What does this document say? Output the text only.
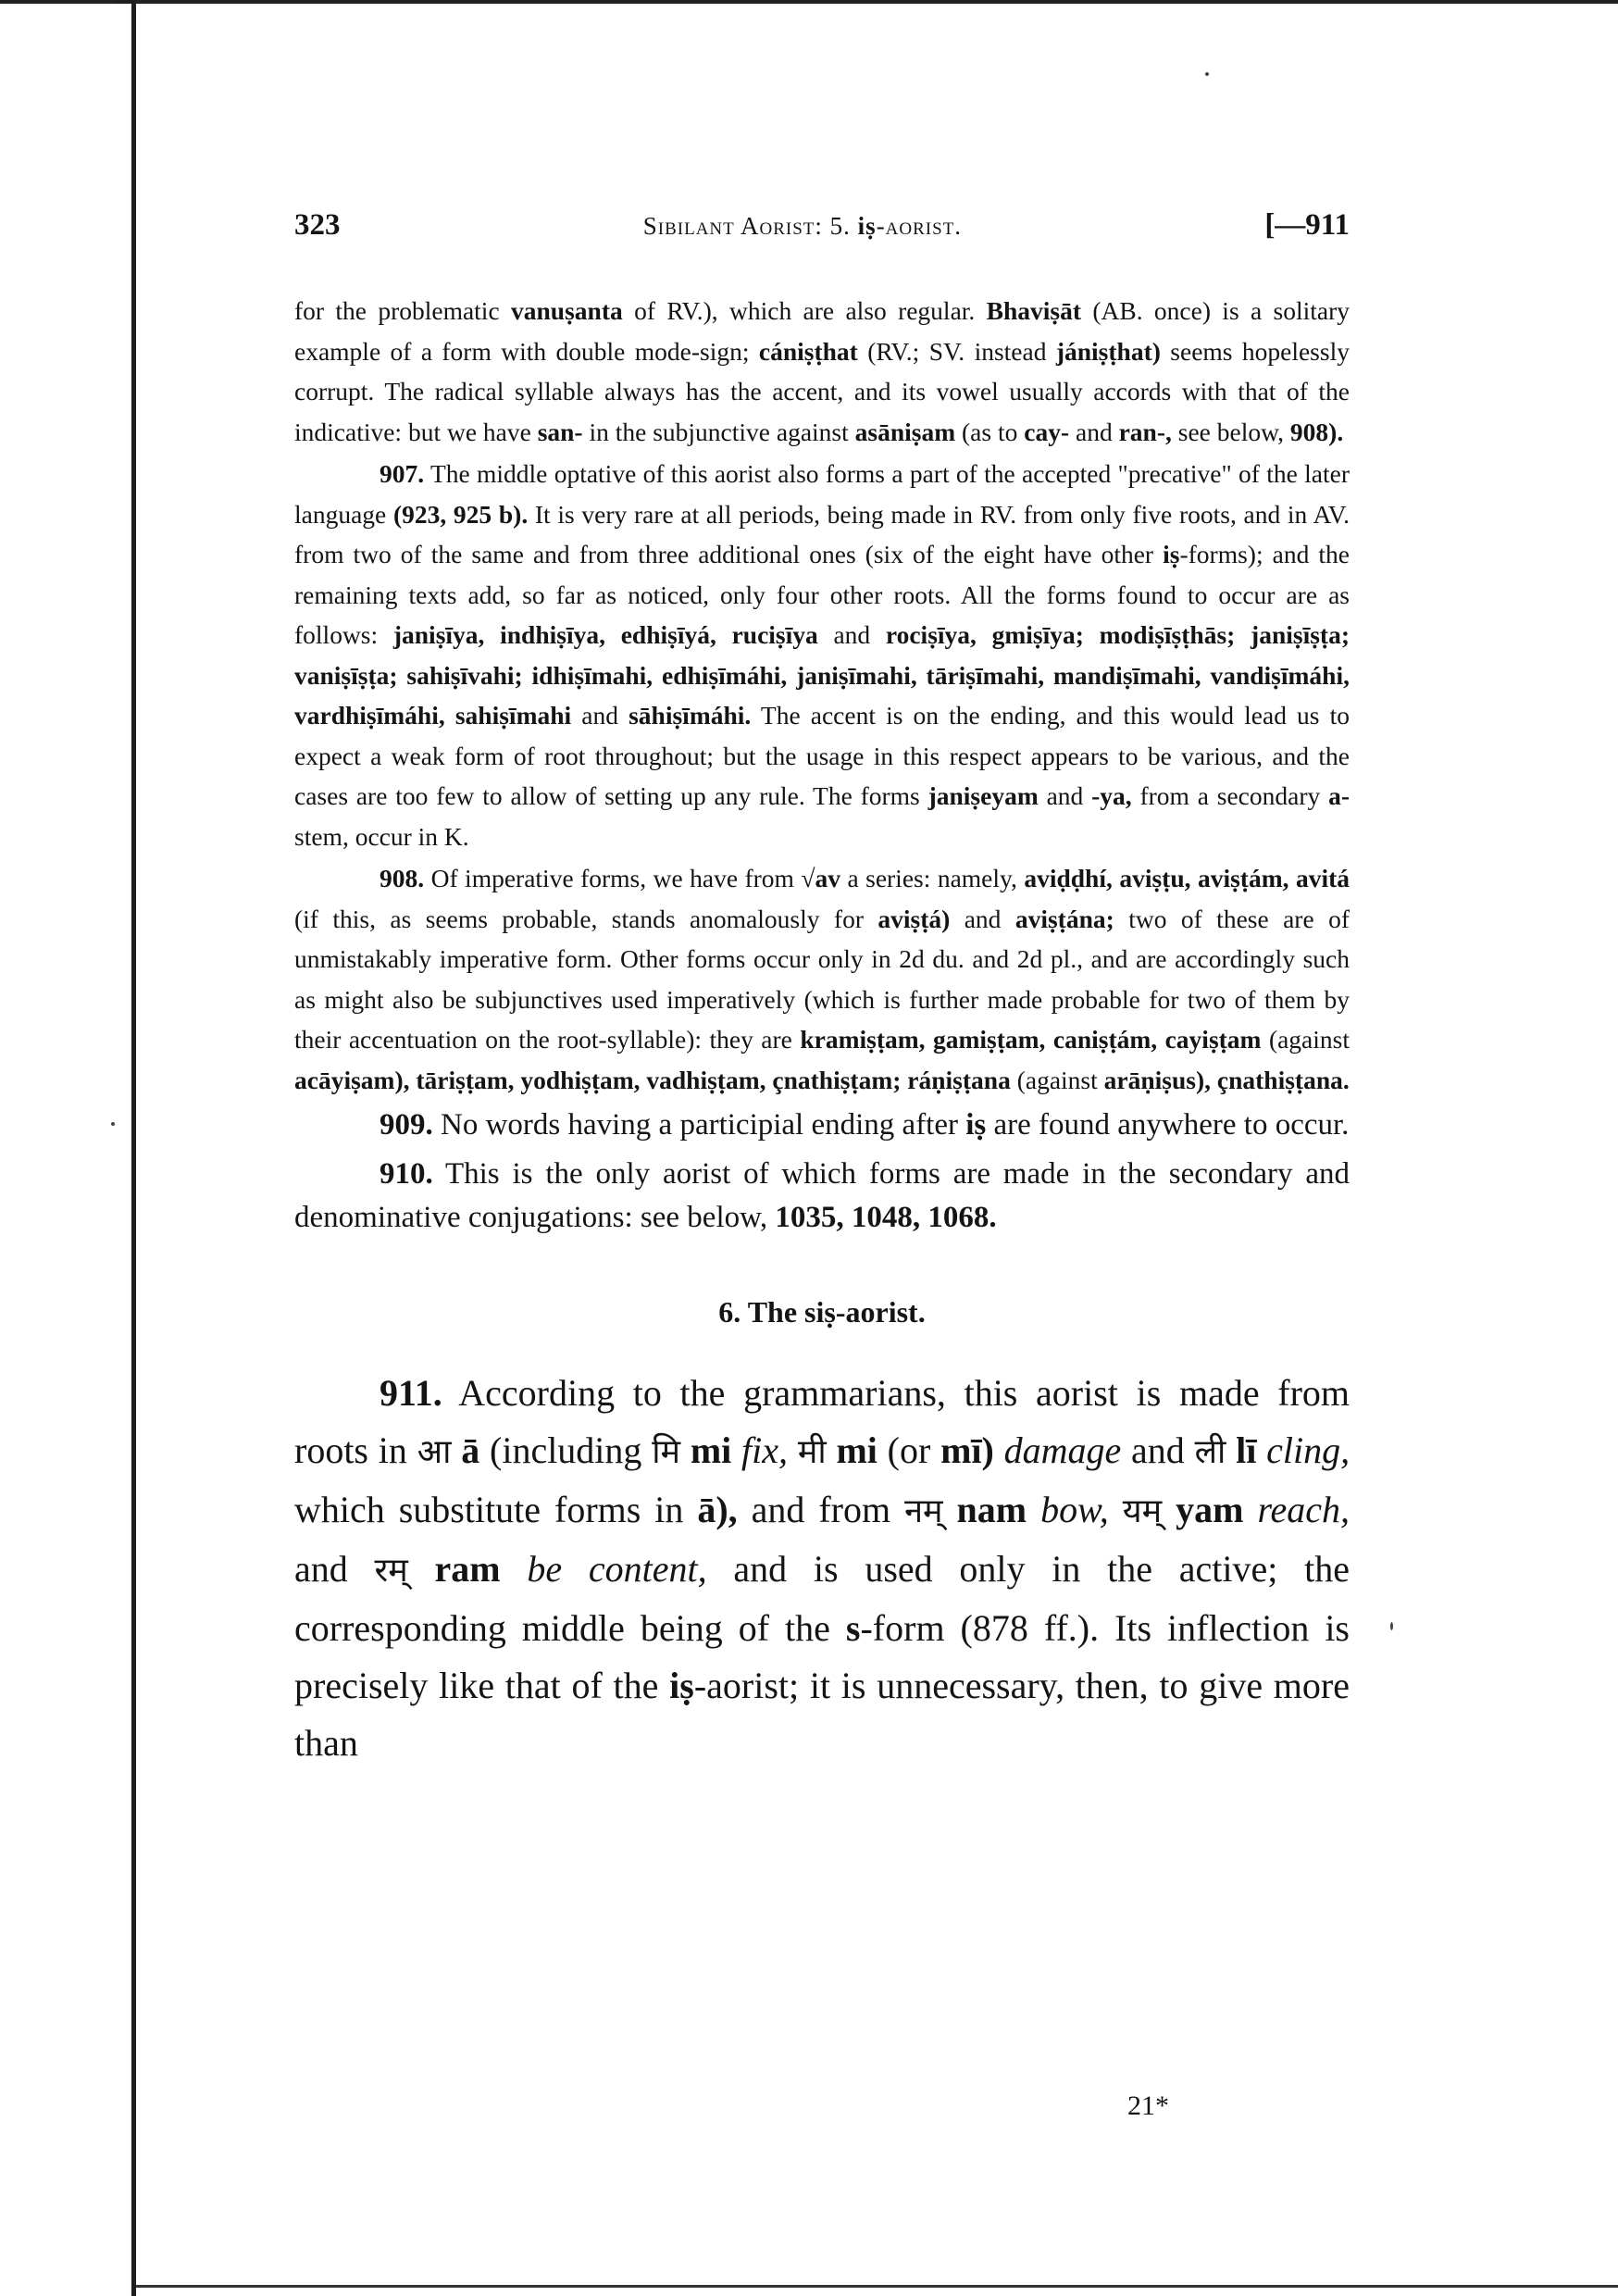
323	Sibilant Aorist: 5. iṣ-aorist.	[—911

for the problematic vanuṣanta of RV.), which are also regular. Bhaviṣāt (AB. once) is a solitary example of a form with double mode-sign; cániṣṭhat (RV.; SV. instead jániṣṭhat) seems hopelessly corrupt. The radical syllable always has the accent, and its vowel usually accords with that of the indicative: but we have san- in the subjunctive against asāniṣam (as to cay- and ran-, see below, 908).

907. The middle optative of this aorist also forms a part of the accepted "precative" of the later language (923, 925 b). It is very rare at all periods, being made in RV. from only five roots, and in AV. from two of the same and from three additional ones (six of the eight have other iṣ-forms); and the remaining texts add, so far as noticed, only four other roots. All the forms found to occur are as follows: janiṣīya, indhiṣīya, edhiṣīyá, ruciṣīya and rociṣīya, gmiṣīya; modiṣīṣṭhās; janiṣīṣṭa; vaniṣīṣṭa; sahiṣīvahi; idhiṣīmahi, edhiṣīmáhi, janiṣīmahi, tāriṣīmahi, mandiṣīmahi, vandiṣīmáhi, vardhiṣīmáhi, sahiṣīmahi and sāhiṣīmáhi. The accent is on the ending, and this would lead us to expect a weak form of root throughout; but the usage in this respect appears to be various, and the cases are too few to allow of setting up any rule. The forms janiṣeyam and -ya, from a secondary a-stem, occur in K.

908. Of imperative forms, we have from √av a series: namely, aviḍḍhí, aviṣṭu, aviṣṭám, avitá (if this, as seems probable, stands anomalously for aviṣṭá) and aviṣṭána; two of these are of unmistakably imperative form. Other forms occur only in 2d du. and 2d pl., and are accordingly such as might also be subjunctives used imperatively (which is further made probable for two of them by their accentuation on the root-syllable): they are kramiṣṭam, gamiṣṭam, caniṣṭám, cayiṣṭam (against acāyiṣam), tāriṣṭam, yodhiṣṭam, vadhiṣṭam, çnathiṣṭam; ráṇiṣṭana (against arāṇiṣus), çnathiṣṭana.

909. No words having a participial ending after iṣ are found anywhere to occur.

910. This is the only aorist of which forms are made in the secondary and denominative conjugations: see below, 1035, 1048, 1068.

6. The siṣ-aorist.

911. According to the grammarians, this aorist is made from roots in आ ā (including मि mi fix, मी mi (or mī) damage and ली lī cling, which substitute forms in ā), and from नम् nam bow, यम् yam reach, and रम् ram be content, and is used only in the active; the corresponding middle being of the s-form (878 ff.). Its inflection is precisely like that of the iṣ-aorist; it is unnecessary, then, to give more than

21*
